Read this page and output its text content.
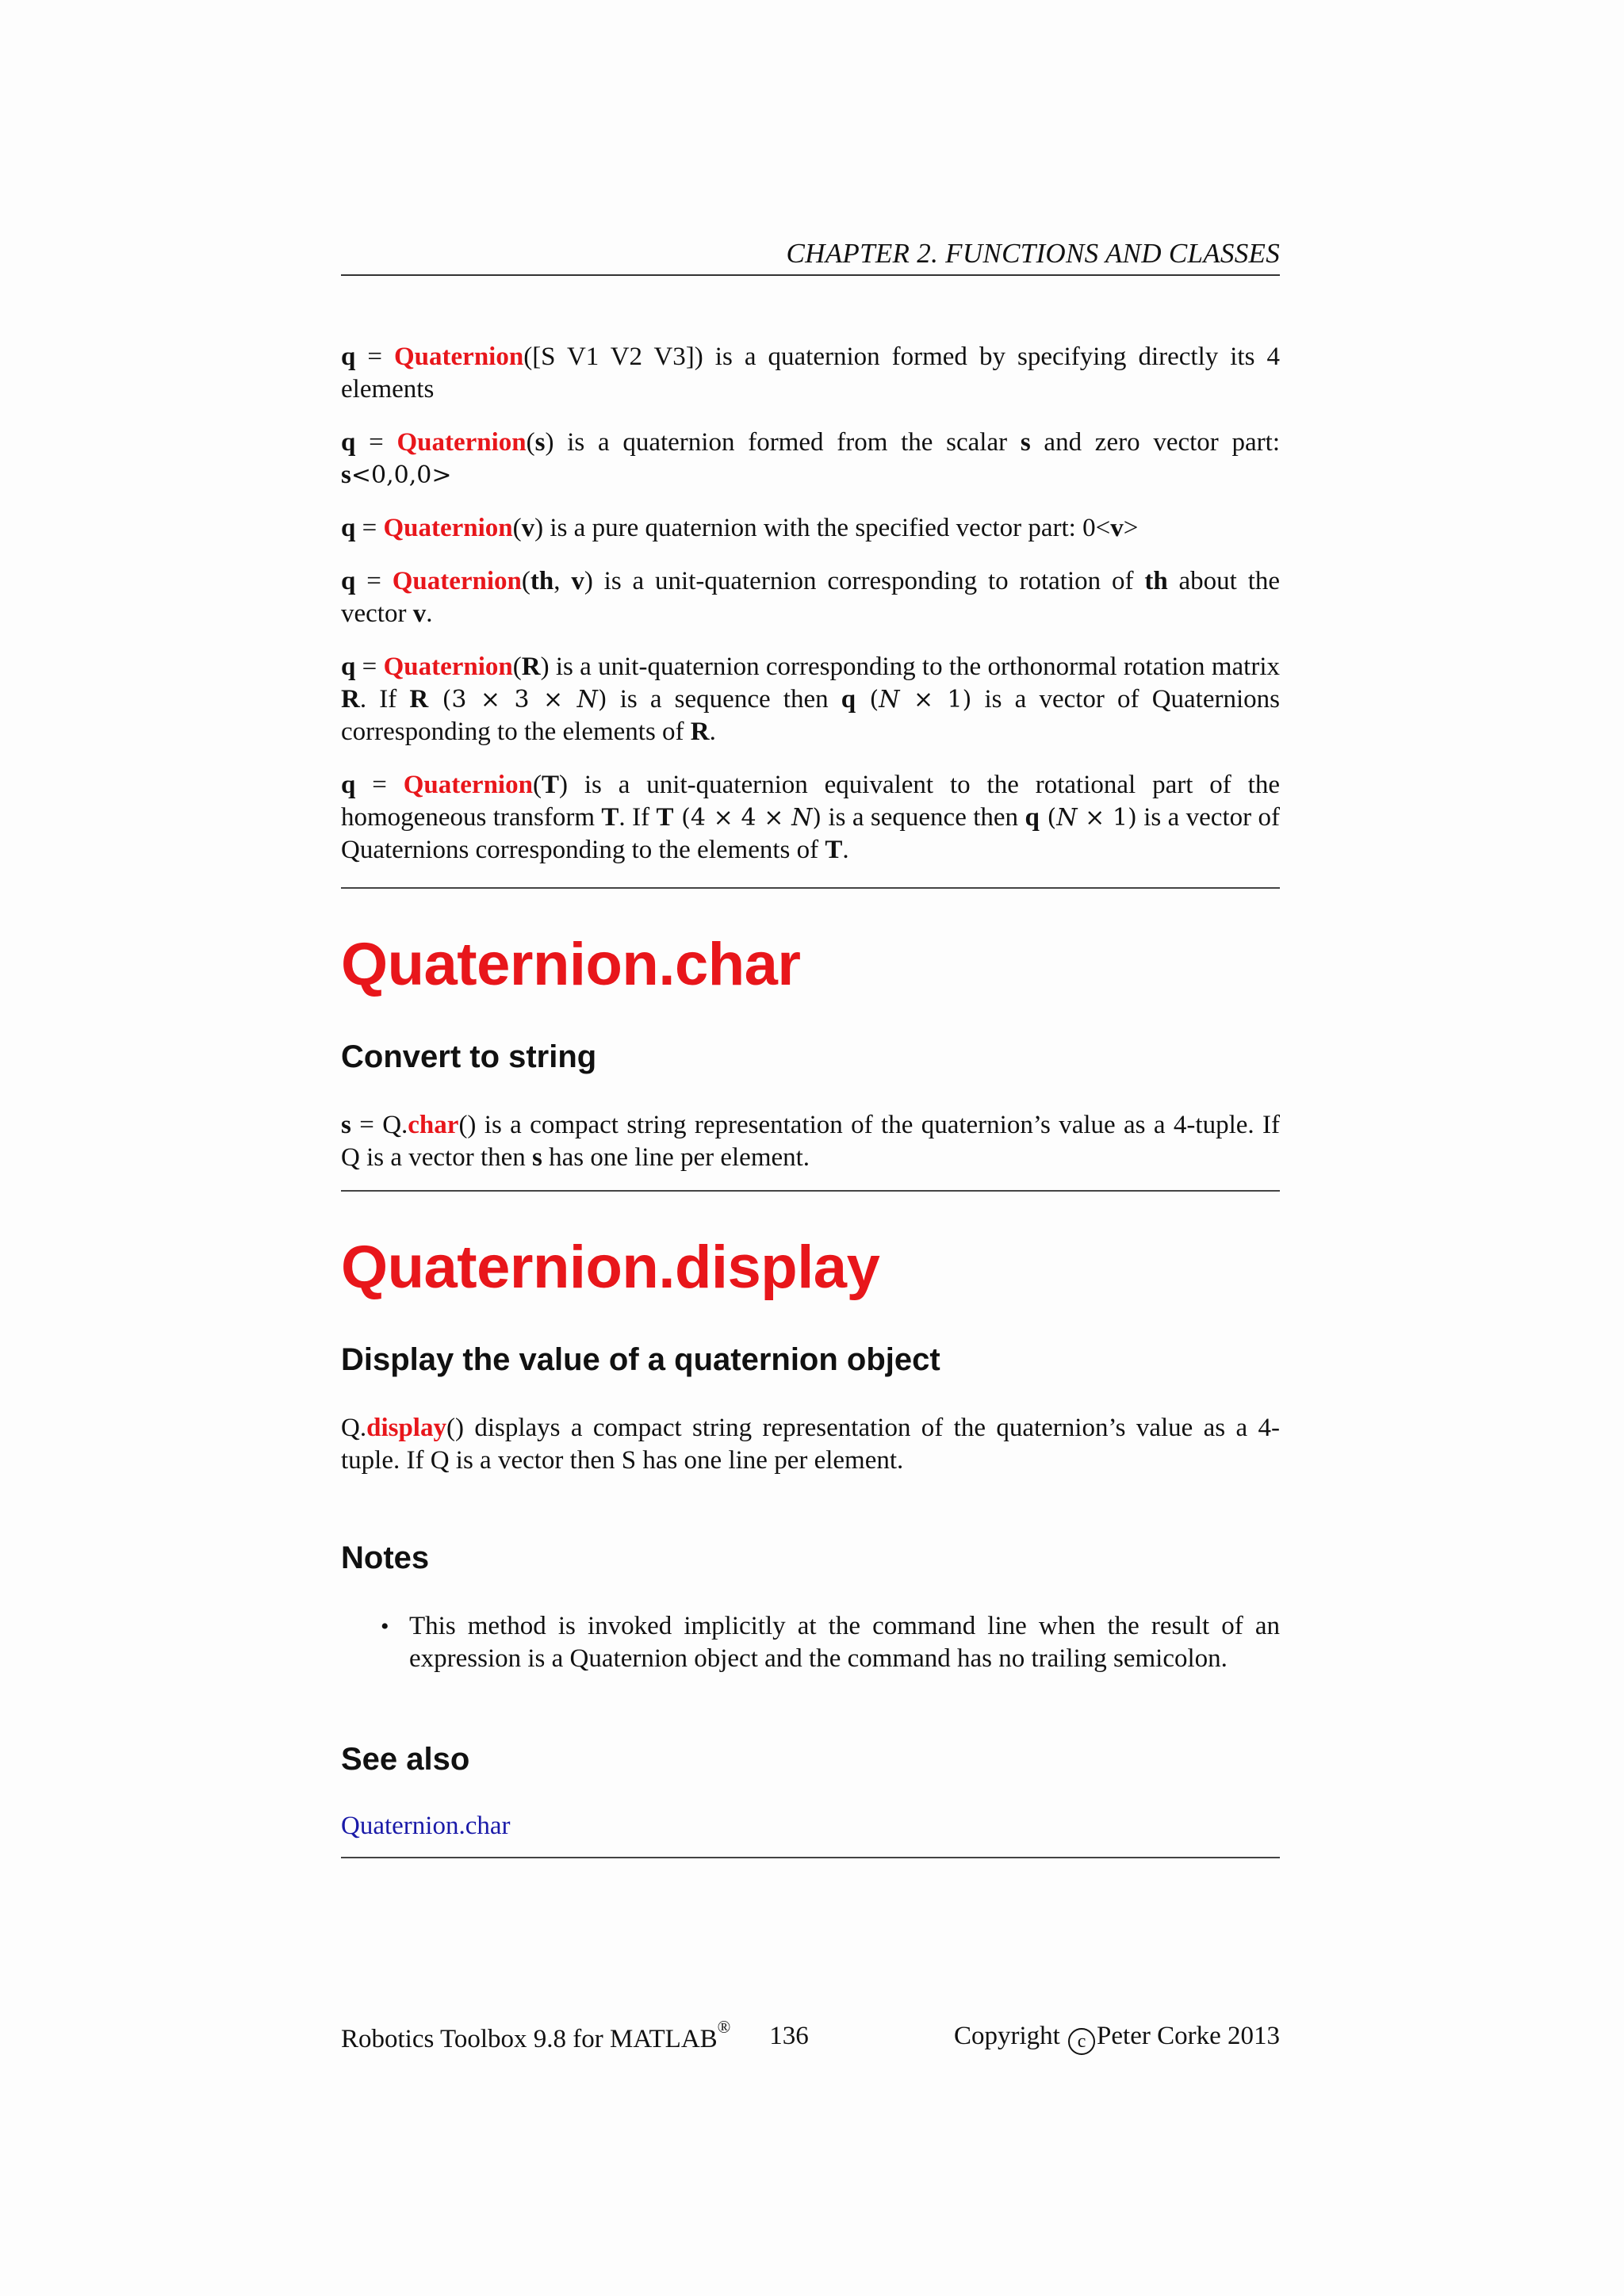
CHAPTER 2. FUNCTIONS AND CLASSES

q = Quaternion([S V1 V2 V3]) is a quaternion formed by specifying directly its 4 elements

q = Quaternion(s) is a quaternion formed from the scalar s and zero vector part: s<0,0,0>

q = Quaternion(v) is a pure quaternion with the specified vector part: 0<v>

q = Quaternion(th, v) is a unit-quaternion corresponding to rotation of th about the vector v.

q = Quaternion(R) is a unit-quaternion corresponding to the orthonormal rotation matrix R. If R (3 × 3 × N) is a sequence then q (N × 1) is a vector of Quaternions corresponding to the elements of R.

q = Quaternion(T) is a unit-quaternion equivalent to the rotational part of the homogeneous transform T. If T (4 × 4 × N) is a sequence then q (N × 1) is a vector of Quaternions corresponding to the elements of T.

Quaternion.char
Convert to string

s = Q.char() is a compact string representation of the quaternion’s value as a 4-tuple. If Q is a vector then s has one line per element.

Quaternion.display
Display the value of a quaternion object

Q.display() displays a compact string representation of the quaternion’s value as a 4-tuple. If Q is a vector then S has one line per element.

Notes
• This method is invoked implicitly at the command line when the result of an expression is a Quaternion object and the command has no trailing semicolon.
See also
Quaternion.char
Robotics Toolbox 9.8 for MATLAB® 136	Copyright c Peter Corke 2013
